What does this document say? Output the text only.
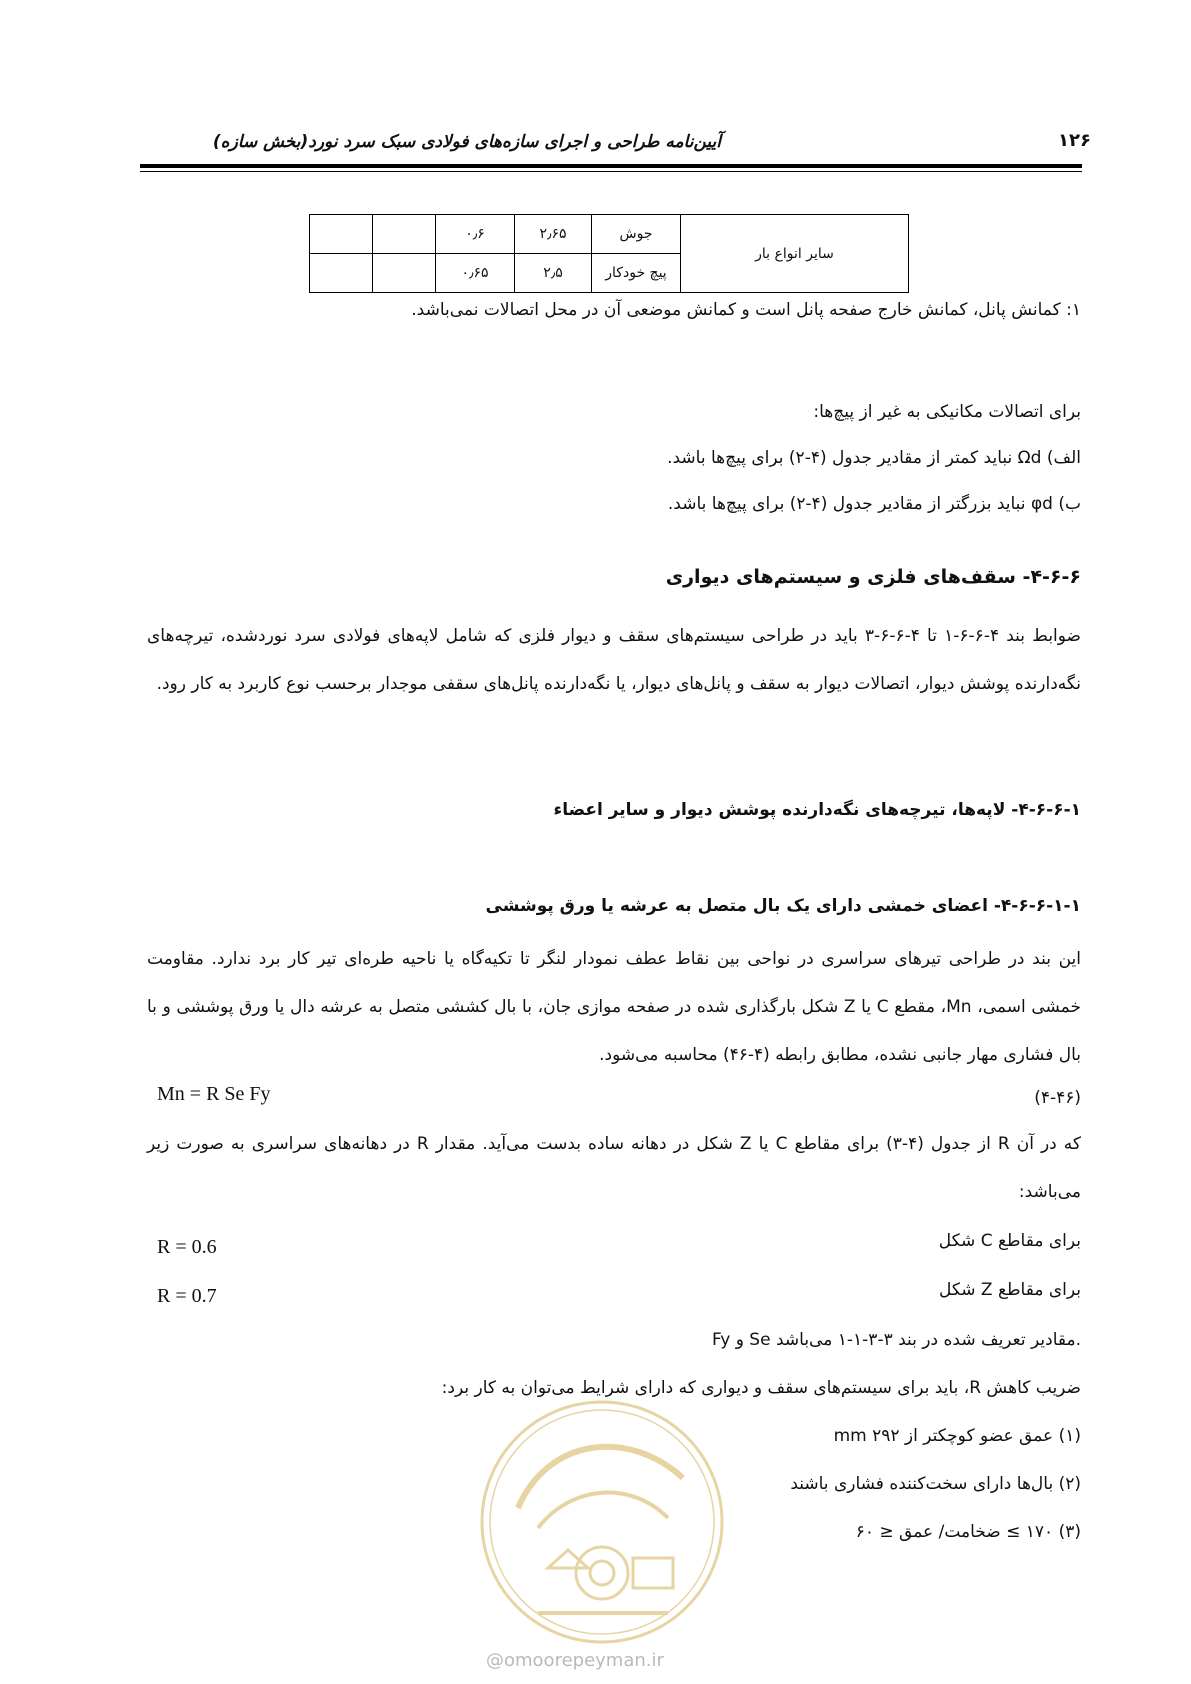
آیین‌نامه طراحی و اجرای سازه‌های فولادی سبک سرد نورد(بخش سازه)	۱۲۶
		۰٫۶	۲٫۶۵	جوش	سایر انواع بار
		۰٫۶۵	۲٫۵	پیچ خودکار	
۱: کمانش پانل، کمانش خارج صفحه پانل است و کمانش موضعی آن در محل اتصالات نمی‌باشد.
برای اتصالات مکانیکی به غیر از پیچ‌ها:
الف) Ωd نباید کمتر از مقادیر جدول (۴-۲) برای پیچ‌ها باشد.
ب) φd نباید بزرگتر از مقادیر جدول (۴-۲) برای پیچ‌ها باشد.
۴-۶-۶- سقف‌های فلزی و سیستم‌های دیواری
ضوابط بند ۴-۶-۶-۱ تا ۴-۶-۶-۳ باید در طراحی سیستم‌های سقف و دیوار فلزی که شامل لاپه‌های فولادی سرد نوردشده، تیرچه‌های نگه‌دارنده پوشش دیوار، اتصالات دیوار به سقف و پانل‌های دیوار، یا نگه‌دارنده پانل‌های سقفی موجدار برحسب نوع کاربرد به کار رود.
۴-۶-۶-۱- لاپه‌ها، تیرچه‌های نگه‌دارنده پوشش دیوار و سایر اعضاء
۴-۶-۶-۱-۱- اعضای خمشی دارای یک بال متصل به عرشه یا ورق پوششی
این بند در طراحی تیرهای سراسری در نواحی بین نقاط عطف نمودار لنگر تا تکیه‌گاه یا ناحیه طره‌ای تیر کار برد ندارد. مقاومت خمشی اسمی، Mn، مقطع C یا Z شکل بارگذاری شده در صفحه موازی جان، با بال کششی متصل به عرشه دال یا ورق پوششی و با بال فشاری مهار جانبی نشده، مطابق رابطه (۴-۴۶) محاسبه می‌شود.
Mn = R Se Fy	(۴-۴۶)
که در آن R از جدول (۴-۳) برای مقاطع C یا Z شکل در دهانه ساده بدست می‌آید. مقدار R در دهانه‌های سراسری به صورت زیر می‌باشد:
برای مقاطع C شکل
R = 0.6
برای مقاطع Z شکل
R = 0.7
Fy و Se مقادیر تعریف شده در بند ۳-۳-۱-۱ می‌باشد.
ضریب کاهش R، باید برای سیستم‌های سقف و دیواری که دارای شرایط می‌توان به کار برد:
(۱) عمق عضو کوچکتر از ۲۹۲ mm
(۲) بال‌ها دارای سخت‌کننده فشاری باشند
(۳) ۱۷۰ ≥ ضخامت/ عمق ≤ ۶۰
@omoorepeyman.ir
